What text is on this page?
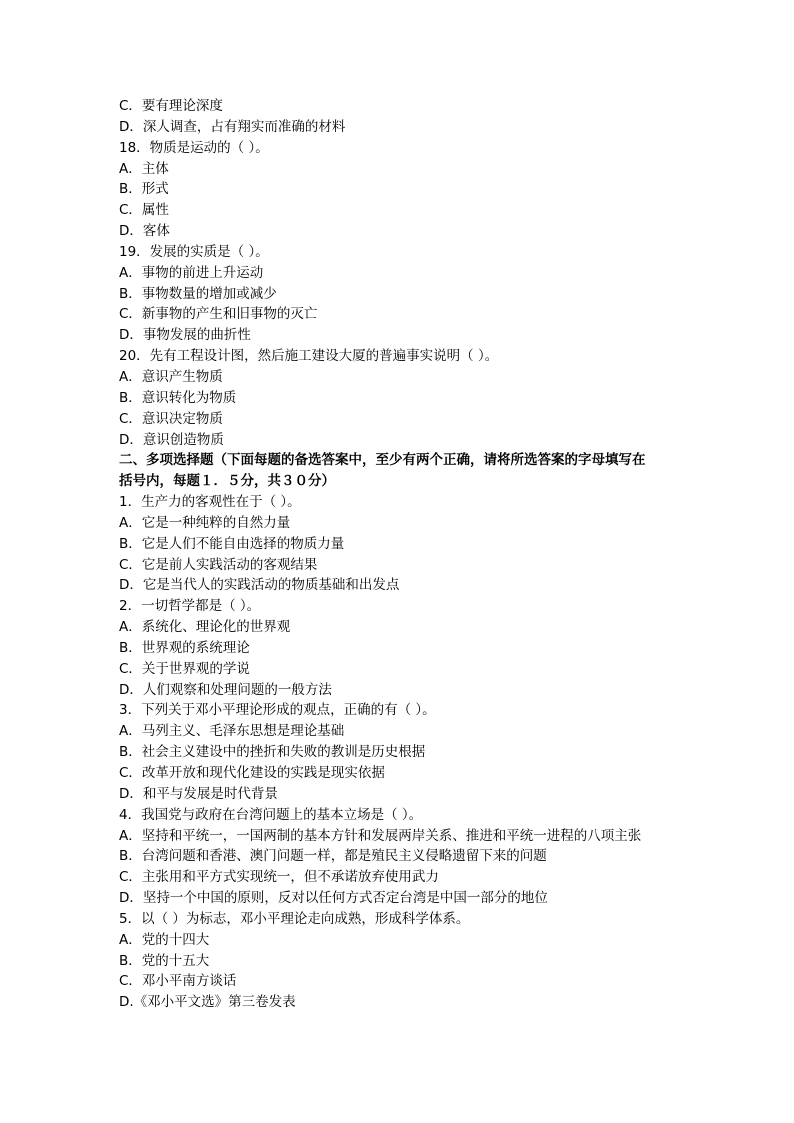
C．要有理论深度
D．深人调查，占有翔实而准确的材料
18．物质是运动的（ ）。
A．主体
B．形式
C．属性
D．客体
19．发展的实质是（ ）。
A．事物的前进上升运动
B．事物数量的增加或减少
C．新事物的产生和旧事物的灭亡
D．事物发展的曲折性
20．先有工程设计图，然后施工建设大厦的普遍事实说明（ ）。
A．意识产生物质
B．意识转化为物质
C．意识决定物质
D．意识创造物质
二、多项选择题（下面每题的备选答案中，至少有两个正确，请将所选答案的字母填写在
括号内，每题１．５分，共３０分）
1．生产力的客观性在于（ ）。
A．它是一种纯粹的自然力量
B．它是人们不能自由选择的物质力量
C．它是前人实践活动的客观结果
D．它是当代人的实践活动的物质基础和出发点
2．一切哲学都是（ ）。
A．系统化、理论化的世界观
B．世界观的系统理论
C．关于世界观的学说
D．人们观察和处理问题的一般方法
3．下列关于邓小平理论形成的观点，正确的有（ ）。
A．马列主义、毛泽东思想是理论基础
B．社会主义建设中的挫折和失败的教训是历史根据
C．改革开放和现代化建设的实践是现实依据
D．和平与发展是时代背景
4．我国党与政府在台湾问题上的基本立场是（ ）。
A．坚持和平统一，一国两制的基本方针和发展两岸关系、推进和平统一进程的八项主张
B．台湾问题和香港、澳门问题一样，都是殖民主义侵略遗留下来的问题
C．主张用和平方式实现统一，但不承诺放弃使用武力
D．坚持一个中国的原则，反对以任何方式否定台湾是中国一部分的地位
5．以（ ）为标志，邓小平理论走向成熟，形成科学体系。
A．党的十四大
B．党的十五大
C．邓小平南方谈话
D.《邓小平文选》第三卷发表
